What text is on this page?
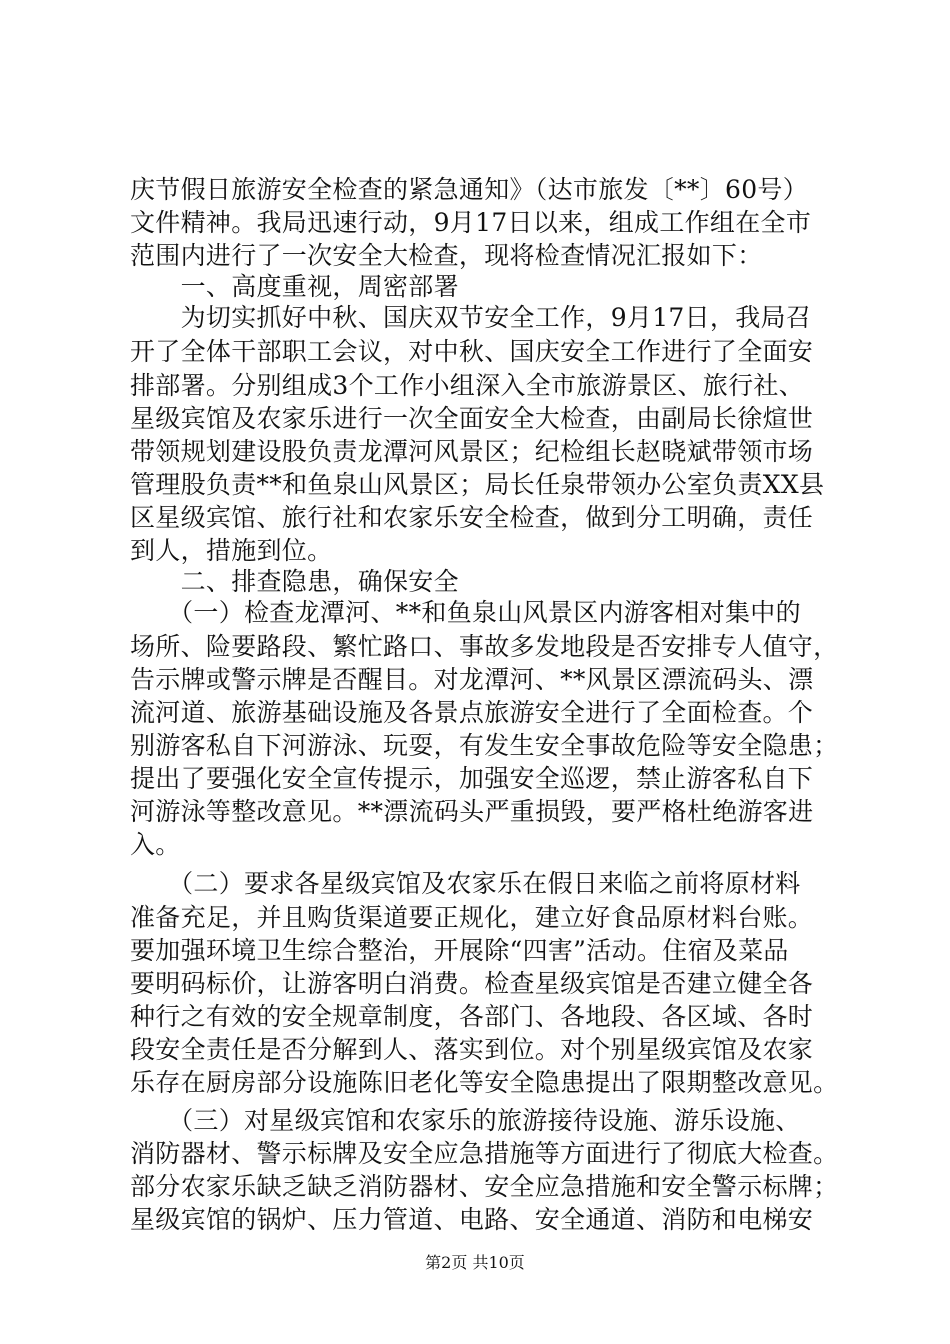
庆节假日旅游安全检查的紧急通知》（达市旅发〔**〕60号）
文件精神。我局迅速行动，9月17日以来，组成工作组在全市
范围内进行了一次安全大检查，现将检查情况汇报如下：
　　一、高度重视，周密部署
　　为切实抓好中秋、国庆双节安全工作，9月17日，我局召
开了全体干部职工会议，对中秋、国庆安全工作进行了全面安
排部署。分别组成3个工作小组深入全市旅游景区、旅行社、
星级宾馆及农家乐进行一次全面安全大检查，由副局长徐煊世
带领规划建设股负责龙潭河风景区；纪检组长赵晓斌带领市场
管理股负责**和鱼泉山风景区；局长任泉带领办公室负责XX县
区星级宾馆、旅行社和农家乐安全检查，做到分工明确，责任
到人，措施到位。
　　二、排查隐患，确保安全
　　（一）检查龙潭河、**和鱼泉山风景区内游客相对集中的
场所、险要路段、繁忙路口、事故多发地段是否安排专人值守，
告示牌或警示牌是否醒目。对龙潭河、**风景区漂流码头、漂
流河道、旅游基础设施及各景点旅游安全进行了全面检查。个
别游客私自下河游泳、玩耍，有发生安全事故危险等安全隐患；
提出了要强化安全宣传提示，加强安全巡逻，禁止游客私自下
河游泳等整改意见。**漂流码头严重损毁，要严格杜绝游客进
入。
　　（二）要求各星级宾馆及农家乐在假日来临之前将原材料
准备充足，并且购货渠道要正规化，建立好食品原材料台账。
要加强环境卫生综合整治，开展除“四害”活动。住宿及菜品
要明码标价，让游客明白消费。检查星级宾馆是否建立健全各
种行之有效的安全规章制度，各部门、各地段、各区域、各时
段安全责任是否分解到人、落实到位。对个别星级宾馆及农家
乐存在厨房部分设施陈旧老化等安全隐患提出了限期整改意见。
　　（三）对星级宾馆和农家乐的旅游接待设施、游乐设施、
消防器材、警示标牌及安全应急措施等方面进行了彻底大检查。
部分农家乐缺乏缺乏消防器材、安全应急措施和安全警示标牌；
星级宾馆的锅炉、压力管道、电路、安全通道、消防和电梯安
第2页 共10页
